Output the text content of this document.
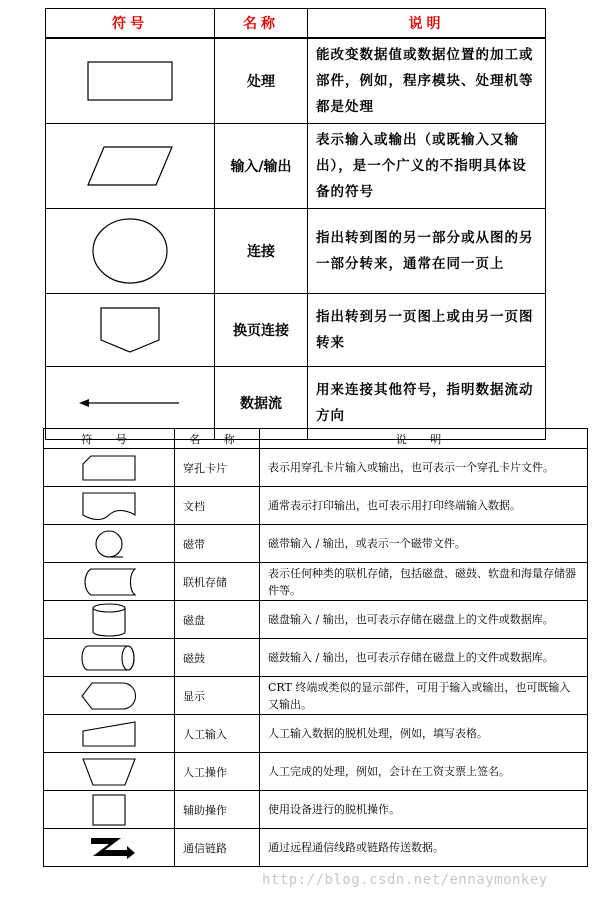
符号	名称	说明

	处理	能改变数据值或数据位置的加工或部件，例如，程序模块、处理机等都是处理

	输入/输出	表示输入或输出（或既输入又输出），是一个广义的不指明具体设备的符号

	连接	指出转到图的另一部分或从图的另一部分转来，通常在同一页上

	换页连接	指出转到另一页图上或由另一页图转来

	数据流	用来连接其他符号，指明数据流动方向
符 号	名 称	说 明

	穿孔卡片	表示用穿孔卡片输入或输出，也可表示一个穿孔卡片文件。

	文档	通常表示打印输出，也可表示用打印终端输入数据。

	磁带	磁带输入 / 输出，或表示一个磁带文件。

	联机存储	表示任何种类的联机存储，包括磁盘、磁鼓、软盘和海量存储器件等。

	磁盘	磁盘输入 / 输出，也可表示存储在磁盘上的文件或数据库。

	磁鼓	磁鼓输入 / 输出，也可表示存储在磁盘上的文件或数据库。

	显示	CRT 终端或类似的显示部件，可用于输入或输出，也可既输入又输出。

	人工输入	人工输入数据的脱机处理，例如，填写表格。

	人工操作	人工完成的处理，例如，会计在工资支票上签名。

	辅助操作	使用设备进行的脱机操作。

	通信链路	通过远程通信线路或链路传送数据。
http://blog.csdn.net/ennaymonkey
